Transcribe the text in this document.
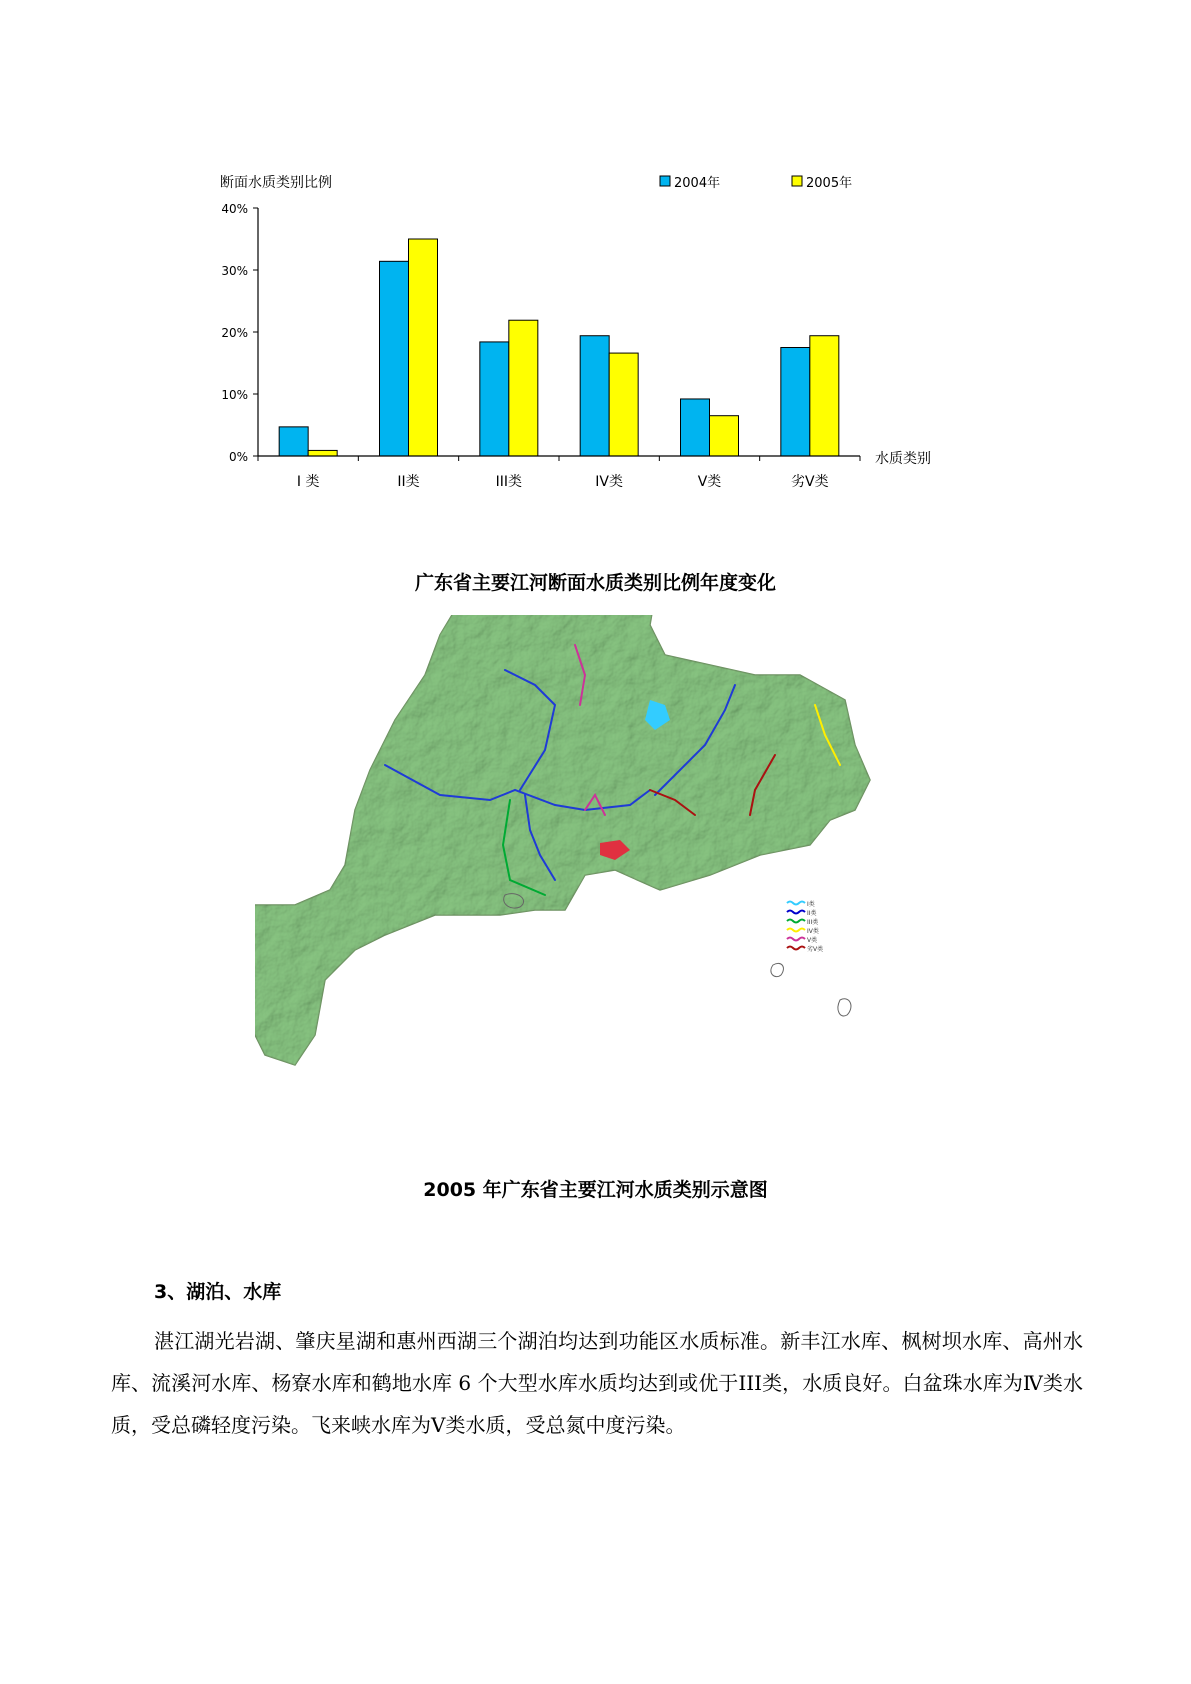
断面水质类别比例	2004年	2005年
0%
10%
20%
30%
40%
I 类	II类	III类	IV类	V类	劣V类
水质类别
广东省主要江河断面水质类别比例年度变化
I类
II类
III类
IV类
V类
劣V类
2005 年广东省主要江河水质类别示意图
3、湖泊、水库

湛江湖光岩湖、肇庆星湖和惠州西湖三个湖泊均达到功能区水质标准。新丰江水库、枫树坝水库、高州水库、流溪河水库、杨寮水库和鹤地水库 6 个大型水库水质均达到或优于III类，水质良好。白盆珠水库为Ⅳ类水质，受总磷轻度污染。飞来峡水库为Ⅴ类水质，受总氮中度污染。
